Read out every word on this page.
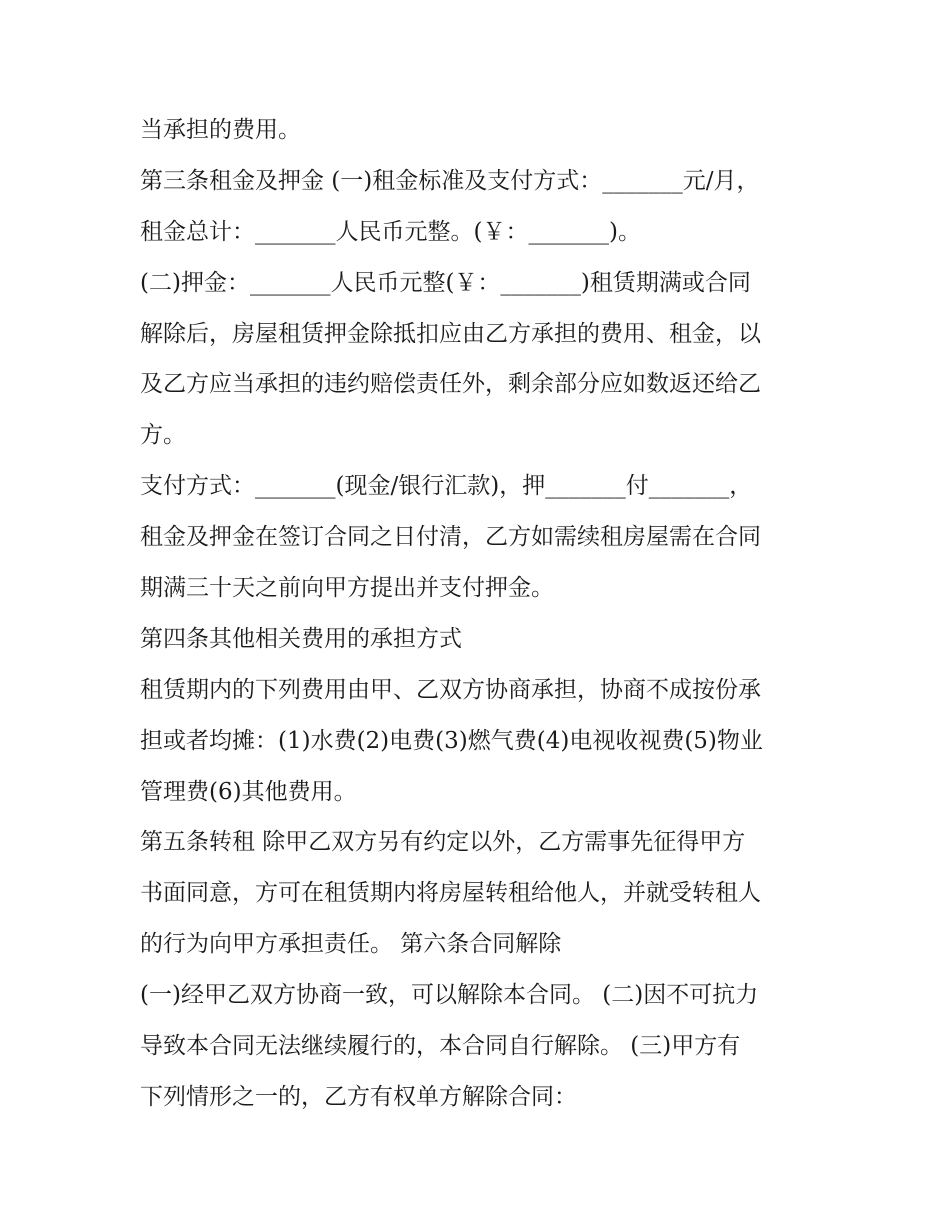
当承担的费用。
第三条租金及押金 (一)租金标准及支付方式：_______元/月，
租金总计：_______人民币元整。(￥：_______)。
(二)押金：_______人民币元整(￥：_______)租赁期满或合同
解除后，房屋租赁押金除抵扣应由乙方承担的费用、租金，以
及乙方应当承担的违约赔偿责任外，剩余部分应如数返还给乙
方。
支付方式：_______(现金/银行汇款)，押_______付_______，
租金及押金在签订合同之日付清，乙方如需续租房屋需在合同
期满三十天之前向甲方提出并支付押金。
第四条其他相关费用的承担方式
租赁期内的下列费用由甲、乙双方协商承担，协商不成按份承
担或者均摊：(1)水费(2)电费(3)燃气费(4)电视收视费(5)物业
管理费(6)其他费用。
第五条转租 除甲乙双方另有约定以外，乙方需事先征得甲方
书面同意，方可在租赁期内将房屋转租给他人，并就受转租人
的行为向甲方承担责任。 第六条合同解除
(一)经甲乙双方协商一致，可以解除本合同。 (二)因不可抗力
导致本合同无法继续履行的，本合同自行解除。 (三)甲方有
下列情形之一的，乙方有权单方解除合同：
